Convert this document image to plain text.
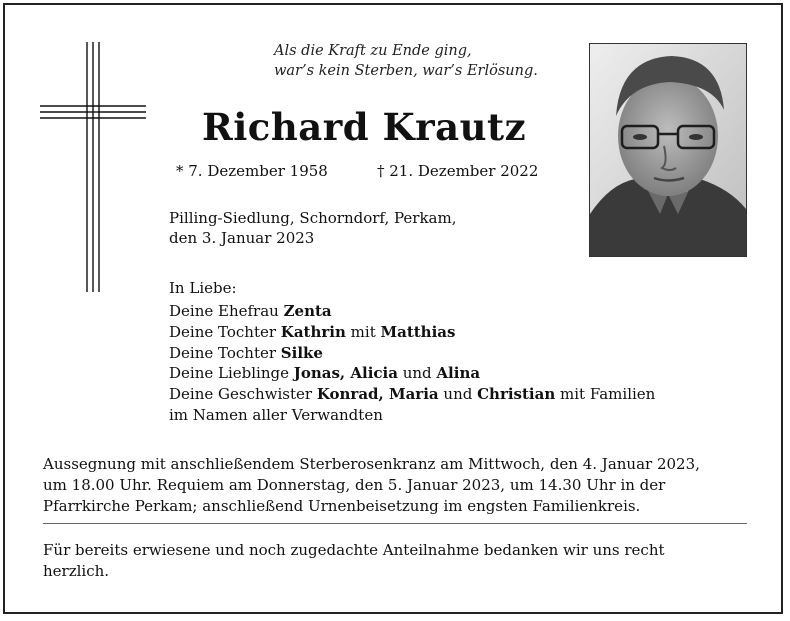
Als die Kraft zu Ende ging,
war’s kein Sterben, war’s Erlösung.
Richard Krautz
* 7. Dezember 1958	† 21. Dezember 2022
Pilling-Siedlung, Schorndorf, Perkam,
den 3. Januar 2023
In Liebe:
Deine Ehefrau Zenta
Deine Tochter Kathrin mit Matthias
Deine Tochter Silke
Deine Lieblinge Jonas, Alicia und Alina
Deine Geschwister Konrad, Maria und Christian mit Familien
im Namen aller Verwandten
Aussegnung mit anschließendem Sterberosenkranz am Mittwoch, den 4. Januar 2023,
um 18.00 Uhr. Requiem am Donnerstag, den 5. Januar 2023, um 14.30 Uhr in der
Pfarrkirche Perkam; anschließend Urnenbeisetzung im engsten Familienkreis.
Für bereits erwiesene und noch zugedachte Anteilnahme bedanken wir uns recht
herzlich.
